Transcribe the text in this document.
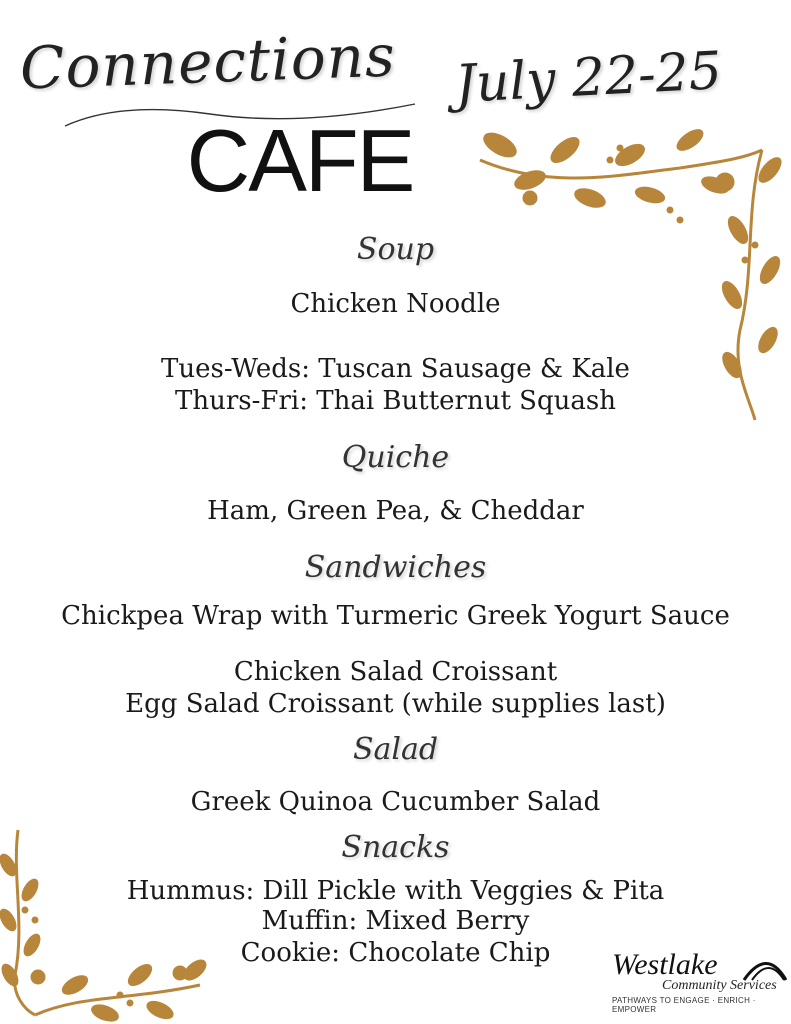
Connections
CAFE
July 22-25
Soup
Chicken Noodle
Tues-Weds: Tuscan Sausage & Kale
Thurs-Fri: Thai Butternut Squash
Quiche
Ham, Green Pea, & Cheddar
Sandwiches
Chickpea Wrap with Turmeric Greek Yogurt Sauce
Chicken Salad Croissant
Egg Salad Croissant (while supplies last)
Salad
Greek Quinoa Cucumber Salad
Snacks
Hummus: Dill Pickle with Veggies & Pita
Muffin: Mixed Berry
Cookie: Chocolate Chip	Westlake
Community Services
PATHWAYS TO ENGAGE · ENRICH · EMPOWER
